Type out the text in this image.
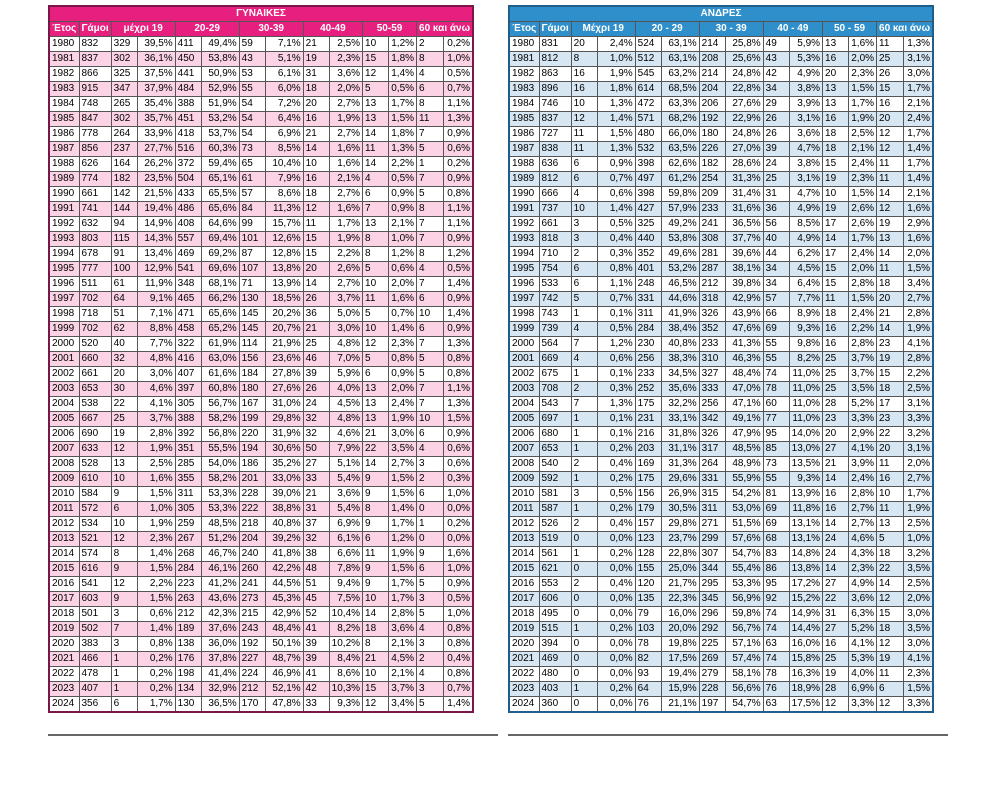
ΓΥΝΑΙΚΕΣ													
Έτος	Γάμοι	μέχρι 19		20-29		30-39		40-49		50-59		60 και άνω	
1980	832	329	39,5%	411	49,4%	59	7,1%	21	2,5%	10	1,2%	2	0,2%
1981	837	302	36,1%	450	53,8%	43	5,1%	19	2,3%	15	1,8%	8	1,0%
1982	866	325	37,5%	441	50,9%	53	6,1%	31	3,6%	12	1,4%	4	0,5%
1983	915	347	37,9%	484	52,9%	55	6,0%	18	2,0%	5	0,5%	6	0,7%
1984	748	265	35,4%	388	51,9%	54	7,2%	20	2,7%	13	1,7%	8	1,1%
1985	847	302	35,7%	451	53,2%	54	6,4%	16	1,9%	13	1,5%	11	1,3%
1986	778	264	33,9%	418	53,7%	54	6,9%	21	2,7%	14	1,8%	7	0,9%
1987	856	237	27,7%	516	60,3%	73	8,5%	14	1,6%	11	1,3%	5	0,6%
1988	626	164	26,2%	372	59,4%	65	10,4%	10	1,6%	14	2,2%	1	0,2%
1989	774	182	23,5%	504	65,1%	61	7,9%	16	2,1%	4	0,5%	7	0,9%
1990	661	142	21,5%	433	65,5%	57	8,6%	18	2,7%	6	0,9%	5	0,8%
1991	741	144	19,4%	486	65,6%	84	11,3%	12	1,6%	7	0,9%	8	1,1%
1992	632	94	14,9%	408	64,6%	99	15,7%	11	1,7%	13	2,1%	7	1,1%
1993	803	115	14,3%	557	69,4%	101	12,6%	15	1,9%	8	1,0%	7	0,9%
1994	678	91	13,4%	469	69,2%	87	12,8%	15	2,2%	8	1,2%	8	1,2%
1995	777	100	12,9%	541	69,6%	107	13,8%	20	2,6%	5	0,6%	4	0,5%
1996	511	61	11,9%	348	68,1%	71	13,9%	14	2,7%	10	2,0%	7	1,4%
1997	702	64	9,1%	465	66,2%	130	18,5%	26	3,7%	11	1,6%	6	0,9%
1998	718	51	7,1%	471	65,6%	145	20,2%	36	5,0%	5	0,7%	10	1,4%
1999	702	62	8,8%	458	65,2%	145	20,7%	21	3,0%	10	1,4%	6	0,9%
2000	520	40	7,7%	322	61,9%	114	21,9%	25	4,8%	12	2,3%	7	1,3%
2001	660	32	4,8%	416	63,0%	156	23,6%	46	7,0%	5	0,8%	5	0,8%
2002	661	20	3,0%	407	61,6%	184	27,8%	39	5,9%	6	0,9%	5	0,8%
2003	653	30	4,6%	397	60,8%	180	27,6%	26	4,0%	13	2,0%	7	1,1%
2004	538	22	4,1%	305	56,7%	167	31,0%	24	4,5%	13	2,4%	7	1,3%
2005	667	25	3,7%	388	58,2%	199	29,8%	32	4,8%	13	1,9%	10	1,5%
2006	690	19	2,8%	392	56,8%	220	31,9%	32	4,6%	21	3,0%	6	0,9%
2007	633	12	1,9%	351	55,5%	194	30,6%	50	7,9%	22	3,5%	4	0,6%
2008	528	13	2,5%	285	54,0%	186	35,2%	27	5,1%	14	2,7%	3	0,6%
2009	610	10	1,6%	355	58,2%	201	33,0%	33	5,4%	9	1,5%	2	0,3%
2010	584	9	1,5%	311	53,3%	228	39,0%	21	3,6%	9	1,5%	6	1,0%
2011	572	6	1,0%	305	53,3%	222	38,8%	31	5,4%	8	1,4%	0	0,0%
2012	534	10	1,9%	259	48,5%	218	40,8%	37	6,9%	9	1,7%	1	0,2%
2013	521	12	2,3%	267	51,2%	204	39,2%	32	6,1%	6	1,2%	0	0,0%
2014	574	8	1,4%	268	46,7%	240	41,8%	38	6,6%	11	1,9%	9	1,6%
2015	616	9	1,5%	284	46,1%	260	42,2%	48	7,8%	9	1,5%	6	1,0%
2016	541	12	2,2%	223	41,2%	241	44,5%	51	9,4%	9	1,7%	5	0,9%
2017	603	9	1,5%	263	43,6%	273	45,3%	45	7,5%	10	1,7%	3	0,5%
2018	501	3	0,6%	212	42,3%	215	42,9%	52	10,4%	14	2,8%	5	1,0%
2019	502	7	1,4%	189	37,6%	243	48,4%	41	8,2%	18	3,6%	4	0,8%
2020	383	3	0,8%	138	36,0%	192	50,1%	39	10,2%	8	2,1%	3	0,8%
2021	466	1	0,2%	176	37,8%	227	48,7%	39	8,4%	21	4,5%	2	0,4%
2022	478	1	0,2%	198	41,4%	224	46,9%	41	8,6%	10	2,1%	4	0,8%
2023	407	1	0,2%	134	32,9%	212	52,1%	42	10,3%	15	3,7%	3	0,7%
2024	356	6	1,7%	130	36,5%	170	47,8%	33	9,3%	12	3,4%	5	1,4%
ΑΝΔΡΕΣ													
Έτος	Γάμοι	Μέχρι 19		20 - 29		30 - 39		40 - 49		50 - 59		60 και άνω	
1980	831	20	2,4%	524	63,1%	214	25,8%	49	5,9%	13	1,6%	11	1,3%
1981	812	8	1,0%	512	63,1%	208	25,6%	43	5,3%	16	2,0%	25	3,1%
1982	863	16	1,9%	545	63,2%	214	24,8%	42	4,9%	20	2,3%	26	3,0%
1983	896	16	1,8%	614	68,5%	204	22,8%	34	3,8%	13	1,5%	15	1,7%
1984	746	10	1,3%	472	63,3%	206	27,6%	29	3,9%	13	1,7%	16	2,1%
1985	837	12	1,4%	571	68,2%	192	22,9%	26	3,1%	16	1,9%	20	2,4%
1986	727	11	1,5%	480	66,0%	180	24,8%	26	3,6%	18	2,5%	12	1,7%
1987	838	11	1,3%	532	63,5%	226	27,0%	39	4,7%	18	2,1%	12	1,4%
1988	636	6	0,9%	398	62,6%	182	28,6%	24	3,8%	15	2,4%	11	1,7%
1989	812	6	0,7%	497	61,2%	254	31,3%	25	3,1%	19	2,3%	11	1,4%
1990	666	4	0,6%	398	59,8%	209	31,4%	31	4,7%	10	1,5%	14	2,1%
1991	737	10	1,4%	427	57,9%	233	31,6%	36	4,9%	19	2,6%	12	1,6%
1992	661	3	0,5%	325	49,2%	241	36,5%	56	8,5%	17	2,6%	19	2,9%
1993	818	3	0,4%	440	53,8%	308	37,7%	40	4,9%	14	1,7%	13	1,6%
1994	710	2	0,3%	352	49,6%	281	39,6%	44	6,2%	17	2,4%	14	2,0%
1995	754	6	0,8%	401	53,2%	287	38,1%	34	4,5%	15	2,0%	11	1,5%
1996	533	6	1,1%	248	46,5%	212	39,8%	34	6,4%	15	2,8%	18	3,4%
1997	742	5	0,7%	331	44,6%	318	42,9%	57	7,7%	11	1,5%	20	2,7%
1998	743	1	0,1%	311	41,9%	326	43,9%	66	8,9%	18	2,4%	21	2,8%
1999	739	4	0,5%	284	38,4%	352	47,6%	69	9,3%	16	2,2%	14	1,9%
2000	564	7	1,2%	230	40,8%	233	41,3%	55	9,8%	16	2,8%	23	4,1%
2001	669	4	0,6%	256	38,3%	310	46,3%	55	8,2%	25	3,7%	19	2,8%
2002	675	1	0,1%	233	34,5%	327	48,4%	74	11,0%	25	3,7%	15	2,2%
2003	708	2	0,3%	252	35,6%	333	47,0%	78	11,0%	25	3,5%	18	2,5%
2004	543	7	1,3%	175	32,2%	256	47,1%	60	11,0%	28	5,2%	17	3,1%
2005	697	1	0,1%	231	33,1%	342	49,1%	77	11,0%	23	3,3%	23	3,3%
2006	680	1	0,1%	216	31,8%	326	47,9%	95	14,0%	20	2,9%	22	3,2%
2007	653	1	0,2%	203	31,1%	317	48,5%	85	13,0%	27	4,1%	20	3,1%
2008	540	2	0,4%	169	31,3%	264	48,9%	73	13,5%	21	3,9%	11	2,0%
2009	592	1	0,2%	175	29,6%	331	55,9%	55	9,3%	14	2,4%	16	2,7%
2010	581	3	0,5%	156	26,9%	315	54,2%	81	13,9%	16	2,8%	10	1,7%
2011	587	1	0,2%	179	30,5%	311	53,0%	69	11,8%	16	2,7%	11	1,9%
2012	526	2	0,4%	157	29,8%	271	51,5%	69	13,1%	14	2,7%	13	2,5%
2013	519	0	0,0%	123	23,7%	299	57,6%	68	13,1%	24	4,6%	5	1,0%
2014	561	1	0,2%	128	22,8%	307	54,7%	83	14,8%	24	4,3%	18	3,2%
2015	621	0	0,0%	155	25,0%	344	55,4%	86	13,8%	14	2,3%	22	3,5%
2016	553	2	0,4%	120	21,7%	295	53,3%	95	17,2%	27	4,9%	14	2,5%
2017	606	0	0,0%	135	22,3%	345	56,9%	92	15,2%	22	3,6%	12	2,0%
2018	495	0	0,0%	79	16,0%	296	59,8%	74	14,9%	31	6,3%	15	3,0%
2019	515	1	0,2%	103	20,0%	292	56,7%	74	14,4%	27	5,2%	18	3,5%
2020	394	0	0,0%	78	19,8%	225	57,1%	63	16,0%	16	4,1%	12	3,0%
2021	469	0	0,0%	82	17,5%	269	57,4%	74	15,8%	25	5,3%	19	4,1%
2022	480	0	0,0%	93	19,4%	279	58,1%	78	16,3%	19	4,0%	11	2,3%
2023	403	1	0,2%	64	15,9%	228	56,6%	76	18,9%	28	6,9%	6	1,5%
2024	360	0	0,0%	76	21,1%	197	54,7%	63	17,5%	12	3,3%	12	3,3%
